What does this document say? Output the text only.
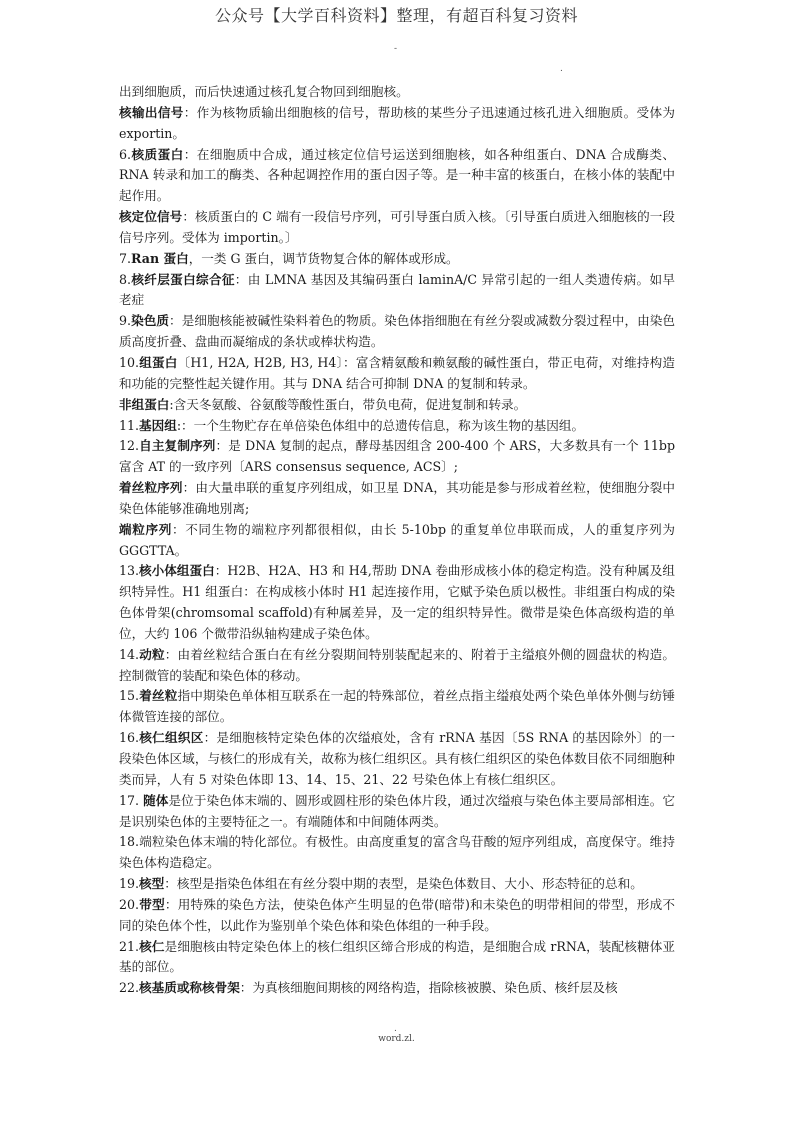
公众号【大学百科资料】整理，有超百科复习资料
-
.

出到细胞质，而后快速通过核孔复合物回到细胞核。

核输出信号：作为核物质输出细胞核的信号，帮助核的某些分子迅速通过核孔进入细胞质。受体为 exportin。

6.核质蛋白：在细胞质中合成，通过核定位信号运送到细胞核，如各种组蛋白、DNA 合成酶类、RNA 转录和加工的酶类、各种起调控作用的蛋白因子等。是一种丰富的核蛋白，在核小体的装配中起作用。

核定位信号：核质蛋白的 C 端有一段信号序列，可引导蛋白质入核。〔引导蛋白质进入细胞核的一段信号序列。受体为 importin。〕

7.Ran 蛋白，一类 G 蛋白，调节货物复合体的解体或形成。

8.核纤层蛋白综合征：由 LMNA 基因及其编码蛋白 laminA/C 异常引起的一组人类遗传病。如早老症

9.染色质：是细胞核能被碱性染料着色的物质。染色体指细胞在有丝分裂或减数分裂过程中，由染色质高度折叠、盘曲而凝缩成的条状或棒状构造。

10.组蛋白〔H1, H2A, H2B, H3, H4〕：富含精氨酸和赖氨酸的碱性蛋白，带正电荷，对维持构造和功能的完整性起关键作用。其与 DNA 结合可抑制 DNA 的复制和转录。

非组蛋白:含天冬氨酸、谷氨酸等酸性蛋白，带负电荷，促进复制和转录。

11.基因组:：一个生物贮存在单倍染色体组中的总遗传信息，称为该生物的基因组。

12.自主复制序列：是 DNA 复制的起点，酵母基因组含 200-400 个 ARS，大多数具有一个 11bp 富含 AT 的一致序列〔ARS consensus sequence, ACS〕;

着丝粒序列：由大量串联的重复序列组成，如卫星 DNA，其功能是参与形成着丝粒，使细胞分裂中染色体能够准确地別离;

端粒序列：不同生物的端粒序列都很相似，由长 5-10bp 的重复单位串联而成，人的重复序列为 GGGTTA。

13.核小体组蛋白：H2B、H2A、H3 和 H4,帮助 DNA 卷曲形成核小体的稳定构造。没有种属及组织特异性。H1 组蛋白：在构成核小体时 H1 起连接作用，它赋予染色质以极性。非组蛋白构成的染色体骨架(chromsomal scaffold)有种属差异，及一定的组织特异性。微带是染色体高级构造的单位，大约 106 个微带沿纵轴构建成子染色体。

14.动粒：由着丝粒结合蛋白在有丝分裂期间特别装配起来的、附着于主缢痕外侧的圆盘状的构造。 控制微管的装配和染色体的移动。

15.着丝粒指中期染色单体相互联系在一起的特殊部位，着丝点指主缢痕处两个染色单体外侧与纺锤体微管连接的部位。

16.核仁组织区：是细胞核特定染色体的次缢痕处，含有 rRNA 基因〔5S RNA 的基因除外〕的一段染色体区域，与核仁的形成有关，故称为核仁组织区。具有核仁组织区的染色体数目依不同细胞种类而异，人有 5 对染色体即 13、14、15、21、22 号染色体上有核仁组织区。

17. 随体是位于染色体末端的、圆形或圆柱形的染色体片段，通过次缢痕与染色体主要局部相连。它是识别染色体的主要特征之一。有端随体和中间随体两类。

18.端粒染色体末端的特化部位。有极性。由高度重复的富含鸟苷酸的短序列组成，高度保守。维持染色体构造稳定。

19.核型：核型是指染色体组在有丝分裂中期的表型，是染色体数目、大小、形态特征的总和。

20.带型：用特殊的染色方法，使染色体产生明显的色带(暗带)和未染色的明带相间的带型，形成不同的染色体个性，以此作为鉴别单个染色体和染色体组的一种手段。

21.核仁是细胞核由特定染色体上的核仁组织区缔合形成的构造，是细胞合成 rRNA，装配核糖体亚基的部位。

22.核基质或称核骨架：为真核细胞间期核的网络构造，指除核被膜、染色质、核纤层及核

.
word.zl.
